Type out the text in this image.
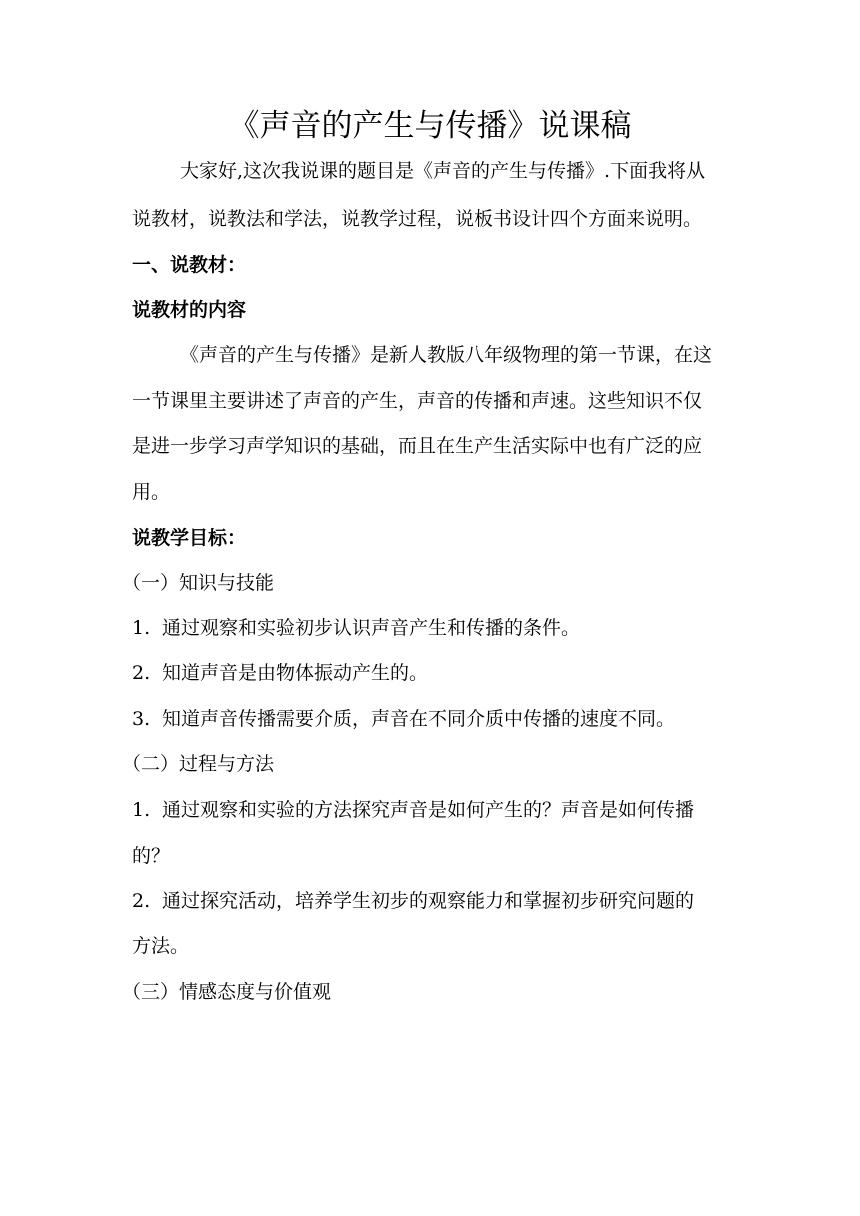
《声音的产生与传播》说课稿
大家好,这次我说课的题目是《声音的产生与传播》.下面我将从
说教材，说教法和学法，说教学过程，说板书设计四个方面来说明。
一、说教材：
说教材的内容
《声音的产生与传播》是新人教版八年级物理的第一节课，在这
一节课里主要讲述了声音的产生，声音的传播和声速。这些知识不仅
是进一步学习声学知识的基础，而且在生产生活实际中也有广泛的应
用。
说教学目标：
（一）知识与技能
1. 通过观察和实验初步认识声音产生和传播的条件。
2. 知道声音是由物体振动产生的。
3. 知道声音传播需要介质，声音在不同介质中传播的速度不同。
（二）过程与方法
1. 通过观察和实验的方法探究声音是如何产生的？声音是如何传播
的？
2. 通过探究活动，培养学生初步的观察能力和掌握初步研究问题的
方法。
（三）情感态度与价值观
